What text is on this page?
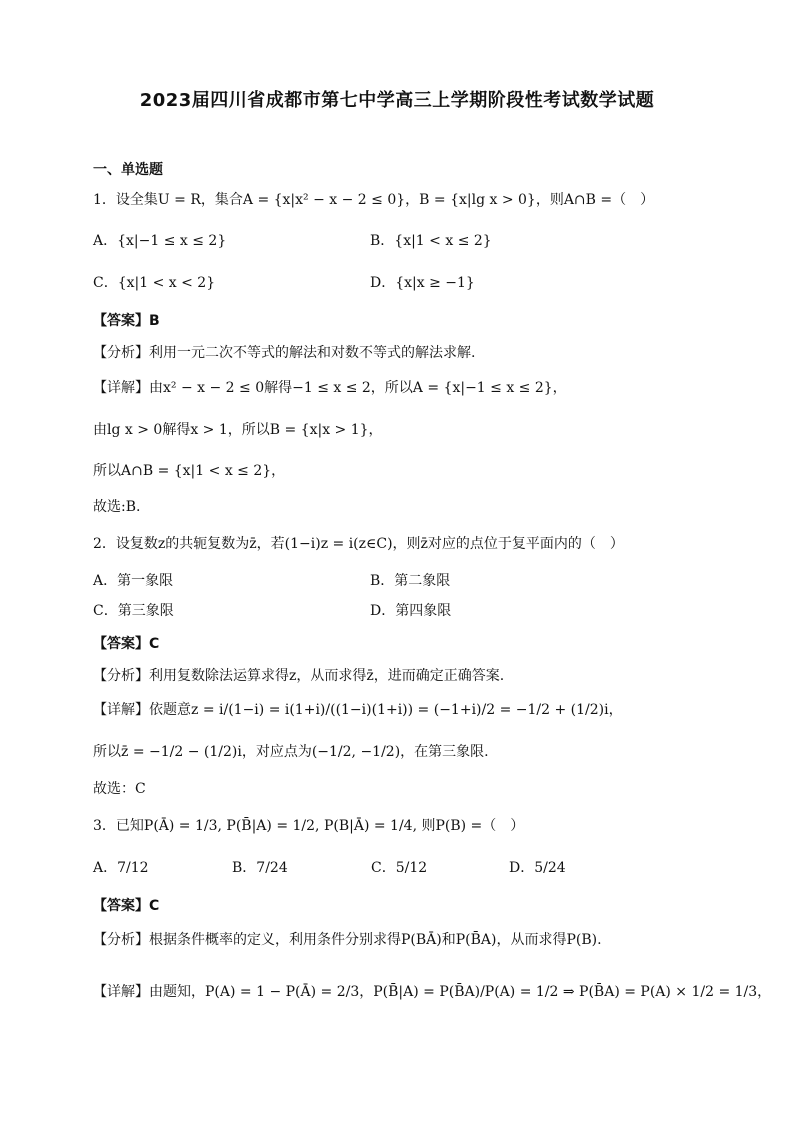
2023届四川省成都市第七中学高三上学期阶段性考试数学试题
一、单选题
1．设全集U = R，集合A = {x|x² − x − 2 ≤ 0}，B = {x|lg x > 0}，则A∩B =（　）
A．{x|−1 ≤ x ≤ 2}	B．{x|1 < x ≤ 2}
C．{x|1 < x < 2}	D．{x|x ≥ −1}
【答案】B
【分析】利用一元二次不等式的解法和对数不等式的解法求解.
【详解】由x² − x − 2 ≤ 0解得−1 ≤ x ≤ 2，所以A = {x|−1 ≤ x ≤ 2}，
由lg x > 0解得x > 1，所以B = {x|x > 1}，
所以A∩B = {x|1 < x ≤ 2}，
故选:B.
2．设复数z的共轭复数为z̄，若(1−i)z = i(z∈C)，则z̄对应的点位于复平面内的（　）
A．第一象限	B．第二象限
C．第三象限	D．第四象限
【答案】C
【分析】利用复数除法运算求得z，从而求得z̄，进而确定正确答案.
【详解】依题意z = i/(1−i) = i(1+i)/((1−i)(1+i)) = (−1+i)/2 = −1/2 + (1/2)i，
所以z̄ = −1/2 − (1/2)i，对应点为(−1/2, −1/2)，在第三象限.
故选：C
3．已知P(Ā) = 1/3, P(B̄|A) = 1/2, P(B|Ā) = 1/4, 则P(B) =（　）
A．7/12	B．7/24	C．5/12	D．5/24
【答案】C
【分析】根据条件概率的定义，利用条件分别求得P(BĀ)和P(B̄A)，从而求得P(B).
【详解】由题知，P(A) = 1 − P(Ā) = 2/3，P(B̄|A) = P(B̄A)/P(A) = 1/2 ⇒ P(B̄A) = P(A) × 1/2 = 1/3，
